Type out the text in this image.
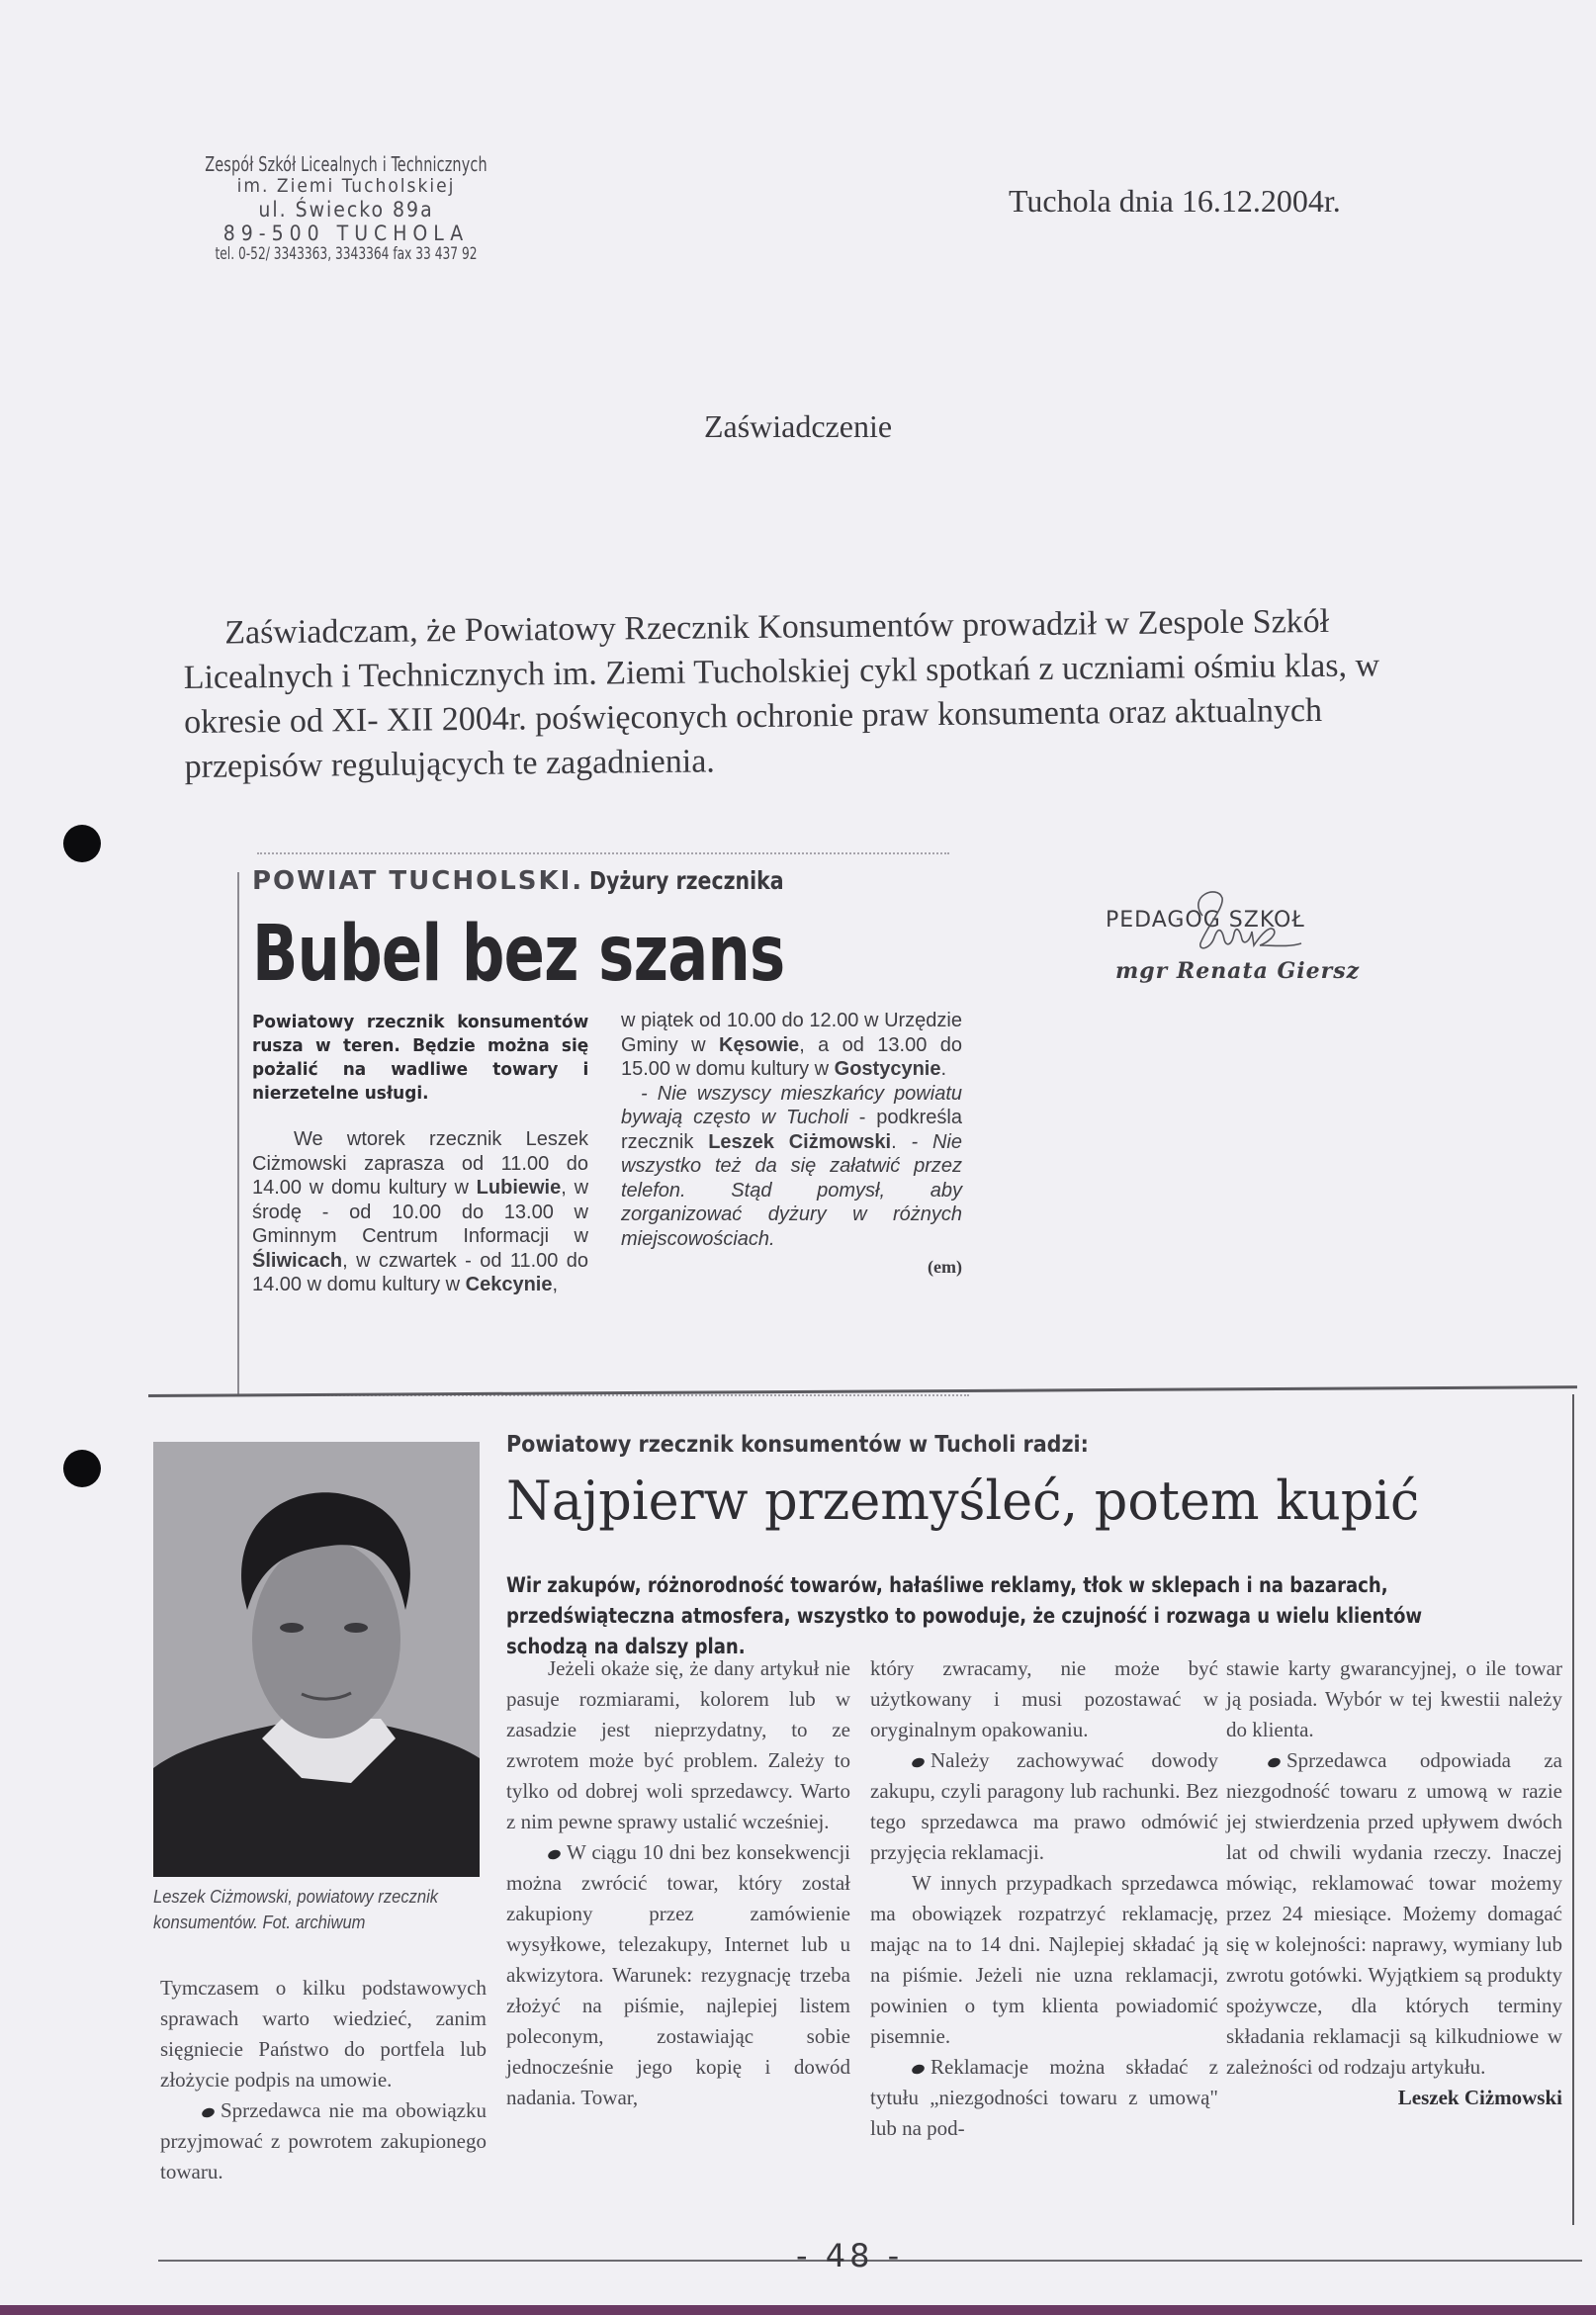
Zespół Szkół Licealnych i Technicznych
im. Ziemi Tucholskiej
ul. Świecko 89a
89-500 TUCHOLA
tel. 0-52/ 3343363, 3343364 fax 33 437 92
Tuchola dnia 16.12.2004r.
Zaświadczenie
Zaświadczam, że Powiatowy Rzecznik Konsumentów prowadził w Zespole Szkół Licealnych i Technicznych im. Ziemi Tucholskiej cykl spotkań z uczniami ośmiu klas, w okresie od XI- XII 2004r. poświęconych ochronie praw konsumenta oraz aktualnych przepisów regulujących te zagadnienia.
POWIAT TUCHOLSKI. Dyżury rzecznika
Bubel bez szans

Powiatowy rzecznik konsumentów rusza w teren. Będzie można się pożalić na wadliwe towary i nierzetelne usługi.

We wtorek rzecznik Leszek Ciżmowski zaprasza od 11.00 do 14.00 w domu kultury w Lubiewie, w środę - od 10.00 do 13.00 w Gminnym Centrum Informacji w Śliwicach, w czwartek - od 11.00 do 14.00 w domu kultury w Cekcynie,

w piątek od 10.00 do 12.00 w Urzędzie Gminy w Kęsowie, a od 13.00 do 15.00 w domu kultury w Gostycynie.

- Nie wszyscy mieszkańcy powiatu bywają często w Tucholi - podkreśla rzecznik Leszek Ciżmowski. - Nie wszystko też da się załatwić przez telefon. Stąd pomysł, aby zorganizować dyżury w różnych miejscowościach.

(em)

PEDAGOG SZKOŁ
mgr Renata Giersz
Leszek Ciżmowski, powiatowy rzecznik konsumentów. Fot. archiwum
Powiatowy rzecznik konsumentów w Tucholi radzi:
Najpierw przemyśleć, potem kupić
Wir zakupów, różnorodność towarów, hałaśliwe reklamy, tłok w sklepach i na bazarach, przedświąteczna atmosfera, wszystko to powoduje, że czujność i rozwaga u wielu klientów schodzą na dalszy plan.

Tymczasem o kilku podstawowych sprawach warto wiedzieć, zanim sięgniecie Państwo do portfela lub złożycie podpis na umowie.

Sprzedawca nie ma obowiązku przyjmować z powrotem zakupionego towaru.

Jeżeli okaże się, że dany artykuł nie pasuje rozmiarami, kolorem lub w zasadzie jest nieprzydatny, to ze zwrotem może być problem. Zależy to tylko od dobrej woli sprzedawcy. Warto z nim pewne sprawy ustalić wcześniej.

W ciągu 10 dni bez konsekwencji można zwrócić towar, który został zakupiony przez zamówienie wysyłkowe, telezakupy, Internet lub u akwizytora. Warunek: rezygnację trzeba złożyć na piśmie, najlepiej listem poleconym, zostawiając sobie jednocześnie jego kopię i dowód nadania. Towar,

który zwracamy, nie może być użytkowany i musi pozostawać w oryginalnym opakowaniu.

Należy zachowywać dowody zakupu, czyli paragony lub rachunki. Bez tego sprzedawca ma prawo odmówić przyjęcia reklamacji.

W innych przypadkach sprzedawca ma obowiązek rozpatrzyć reklamację, mając na to 14 dni. Najlepiej składać ją na piśmie. Jeżeli nie uzna reklamacji, powinien o tym klienta powiadomić pisemnie.

Reklamacje można składać z tytułu „niezgodności towaru z umową" lub na pod-

stawie karty gwarancyjnej, o ile towar ją posiada. Wybór w tej kwestii należy do klienta.

Sprzedawca odpowiada za niezgodność towaru z umową w razie jej stwierdzenia przed upływem dwóch lat od chwili wydania rzeczy. Inaczej mówiąc, reklamować towar możemy przez 24 miesiące. Możemy domagać się w kolejności: naprawy, wymiany lub zwrotu gotówki. Wyjątkiem są produkty spożywcze, dla których terminy składania reklamacji są kilkudniowe w zależności od rodzaju artykułu.

Leszek Ciżmowski

- 48 -
